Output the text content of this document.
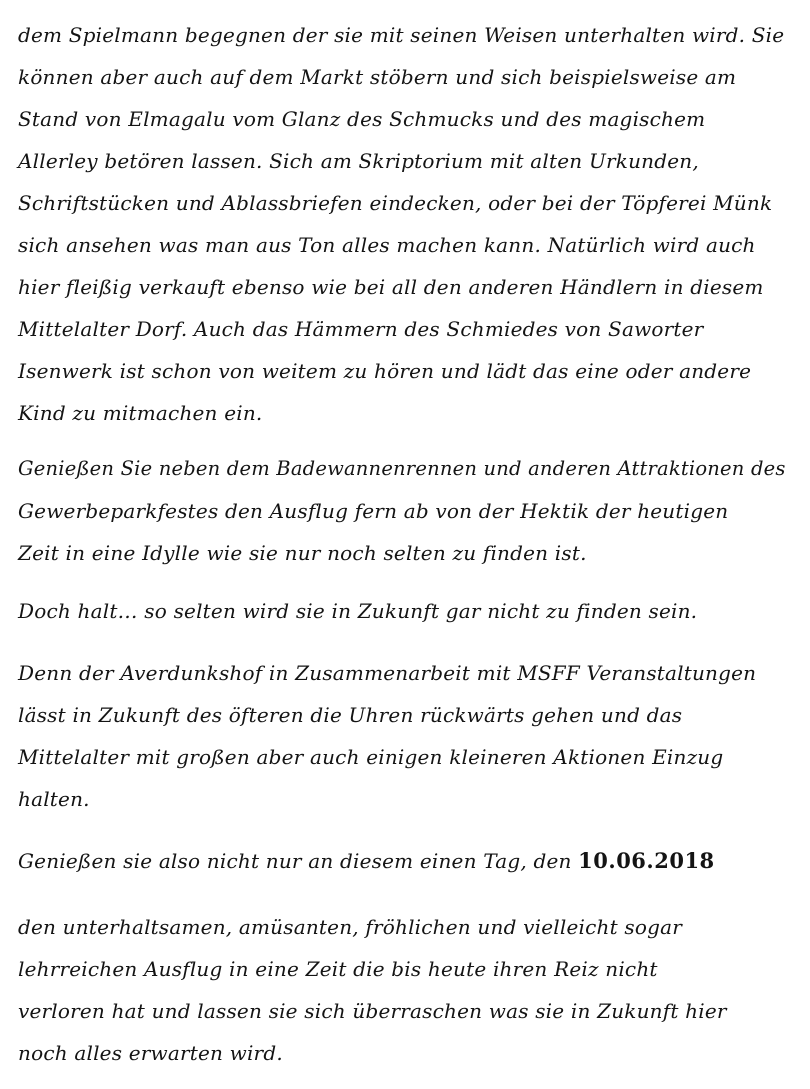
dem Spielmann begegnen der sie mit seinen Weisen unterhalten wird. Sie
können aber auch auf dem Markt stöbern und sich beispielsweise am
Stand von Elmagalu vom Glanz des Schmucks und des magischem
Allerley betören lassen. Sich am Skriptorium mit alten Urkunden,
Schriftstücken und Ablassbriefen eindecken, oder bei der Töpferei Münk
sich ansehen was man aus Ton alles machen kann. Natürlich wird auch
hier fleißig verkauft ebenso wie bei all den anderen Händlern in diesem
Mittelalter Dorf. Auch das Hämmern des Schmiedes von Saworter
Isenwerk ist schon von weitem zu hören und lädt das eine oder andere
Kind zu mitmachen ein.
Genießen Sie neben dem Badewannenrennen und anderen Attraktionen des
Gewerbeparkfestes den Ausflug fern ab von der Hektik der heutigen
Zeit in eine Idylle wie sie nur noch selten zu finden ist.
Doch halt… so selten wird sie in Zukunft gar nicht zu finden sein.
Denn der Averdunkshof in Zusammenarbeit mit MSFF Veranstaltungen
lässt in Zukunft des öfteren die Uhren rückwärts gehen und das
Mittelalter mit großen aber auch einigen kleineren Aktionen Einzug
halten.
Genießen sie also nicht nur an diesem einen Tag, den 10.06.2018
den unterhaltsamen, amüsanten, fröhlichen und vielleicht sogar
lehrreichen Ausflug in eine Zeit die bis heute ihren Reiz nicht
verloren hat und lassen sie sich überraschen was sie in Zukunft hier
noch alles erwarten wird.
